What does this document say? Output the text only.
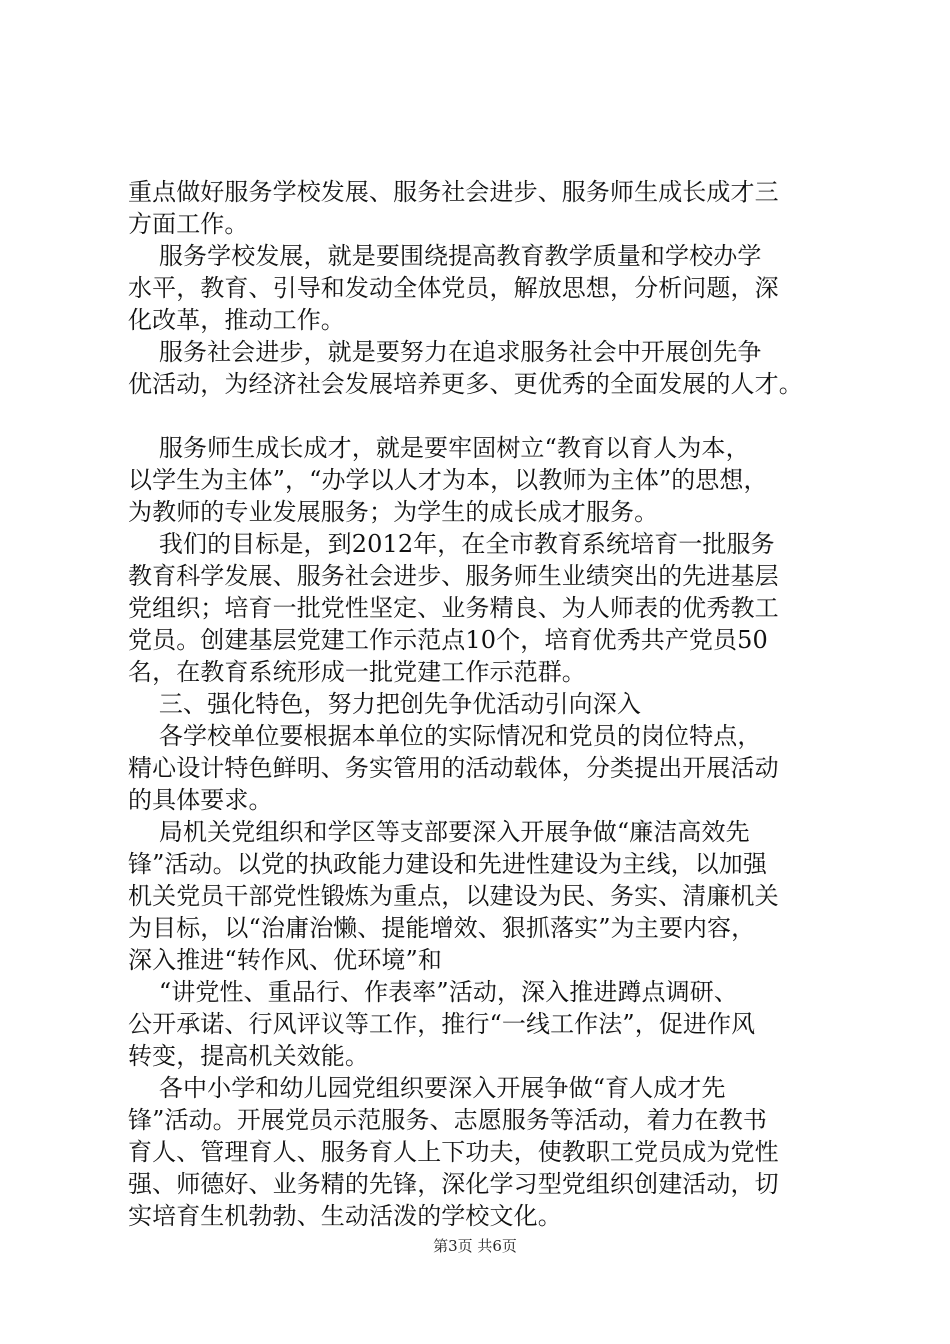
重点做好服务学校发展、服务社会进步、服务师生成长成才三
方面工作。
服务学校发展，就是要围绕提高教育教学质量和学校办学
水平，教育、引导和发动全体党员，解放思想，分析问题，深
化改革，推动工作。
服务社会进步，就是要努力在追求服务社会中开展创先争
优活动，为经济社会发展培养更多、更优秀的全面发展的人才。
服务师生成长成才，就是要牢固树立“教育以育人为本，
以学生为主体”，“办学以人才为本，以教师为主体”的思想，
为教师的专业发展服务；为学生的成长成才服务。
我们的目标是，到2012年，在全市教育系统培育一批服务
教育科学发展、服务社会进步、服务师生业绩突出的先进基层
党组织；培育一批党性坚定、业务精良、为人师表的优秀教工
党员。创建基层党建工作示范点10个，培育优秀共产党员50
名，在教育系统形成一批党建工作示范群。
三、强化特色，努力把创先争优活动引向深入
各学校单位要根据本单位的实际情况和党员的岗位特点，
精心设计特色鲜明、务实管用的活动载体，分类提出开展活动
的具体要求。
局机关党组织和学区等支部要深入开展争做“廉洁高效先
锋”活动。以党的执政能力建设和先进性建设为主线，以加强
机关党员干部党性锻炼为重点，以建设为民、务实、清廉机关
为目标，以“治庸治懒、提能增效、狠抓落实”为主要内容，
深入推进“转作风、优环境”和
“讲党性、重品行、作表率”活动，深入推进蹲点调研、
公开承诺、行风评议等工作，推行“一线工作法”，促进作风
转变，提高机关效能。
各中小学和幼儿园党组织要深入开展争做“育人成才先
锋”活动。开展党员示范服务、志愿服务等活动，着力在教书
育人、管理育人、服务育人上下功夫，使教职工党员成为党性
强、师德好、业务精的先锋，深化学习型党组织创建活动，切
实培育生机勃勃、生动活泼的学校文化。
第3页 共6页
